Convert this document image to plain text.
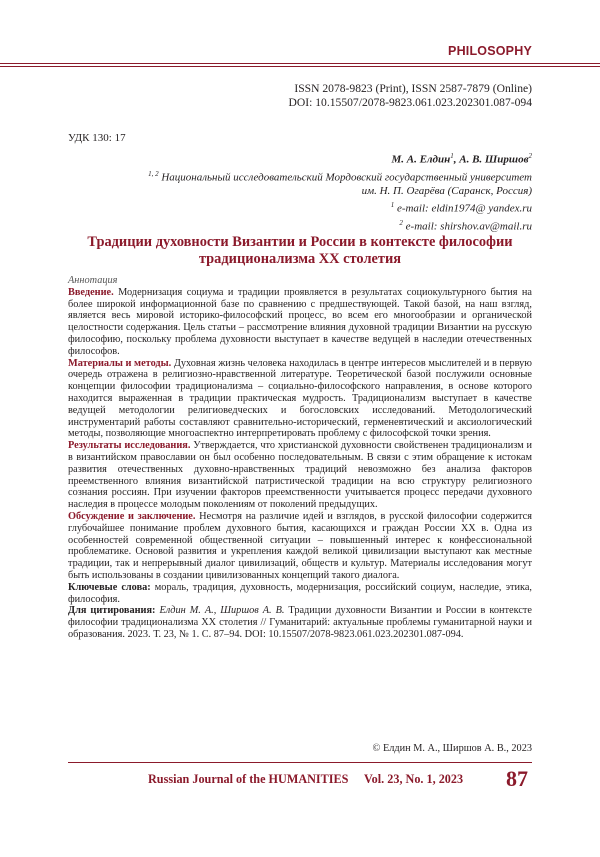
PHILOSOPHY
ISSN 2078-9823 (Print), ISSN 2587-7879 (Online)
DOI: 10.15507/2078-9823.061.023.202301.087-094
УДК 130: 17
М. А. Елдин$^1$, А. В. Ширшов$^2$
$^{1, 2}$ Национальный исследовательский Мордовский государственный университет
им. Н. П. Огарёва (Саранск, Россия)
$^1$ e-mail: eldin1974@ yandex.ru
$^2$ e-mail: shirshov.av@mail.ru
Традиции духовности Византии и России в контексте философии традиционализма XX столетия

Аннотация

Введение. Модернизация социума и традиции проявляется в результатах социокультурного бытия на более широкой информационной базе по сравнению с предшествующей. Такой базой, на наш взгляд, является весь мировой историко-философский процесс, во всем его многообразии и органической целостности содержания. Цель статьи – рассмотрение влияния духовной традиции Византии на русскую философию, поскольку проблема духовности выступает в качестве ведущей в наследии отечественных философов.

Материалы и методы. Духовная жизнь человека находилась в центре интересов мыслителей и в первую очередь отражена в религиозно-нравственной литературе. Теоретической базой послужили основные концепции философии традиционализма – социально-философского направления, в основе которого находится выраженная в традиции практическая мудрость. Традиционализм выступает в качестве ведущей методологии религиоведческих и богословских исследований. Методологический инструментарий работы составляют сравнительно-исторический, герменевтический и аксиологический методы, позволяющие многоаспектно интерпретировать проблему с философской точки зрения.

Результаты исследования. Утверждается, что христианской духовности свойственен традиционализм и в византийском православии он был особенно последовательным. В связи с этим обращение к истокам развития отечественных духовно-нравственных традиций невозможно без анализа факторов преемственного влияния византийской патристической традиции на всю структуру религиозного сознания россиян. При изучении факторов преемственности учитывается процесс передачи духовного наследия в процессе молодым поколениям от поколений предыдущих.

Обсуждение и заключение. Несмотря на различие идей и взглядов, в русской философии содержится глубочайшее понимание проблем духовного бытия, касающихся и граждан России XX в. Одна из особенностей современной общественной ситуации – повышенный интерес к конфессиональной проблематике. Основой развития и укрепления каждой великой цивилизации выступают как местные традиции, так и непрерывный диалог цивилизаций, обществ и культур. Материалы исследования могут быть использованы в создании цивилизованных концепций такого диалога.

Ключевые слова: мораль, традиция, духовность, модернизация, российский социум, наследие, этика, философия.

Для цитирования: Елдин М. А., Ширшов А. В. Традиции духовности Византии и России в контексте философии традиционализма XX столетия // Гуманитарий: актуальные проблемы гуманитарной науки и образования. 2023. Т. 23, № 1. С. 87–94. DOI: 10.15507/2078-9823.061.023.202301.087-094.

© Елдин М. А., Ширшов А. В., 2023
Russian Journal of the HUMANITIES Vol. 23, No. 1, 2023 87
